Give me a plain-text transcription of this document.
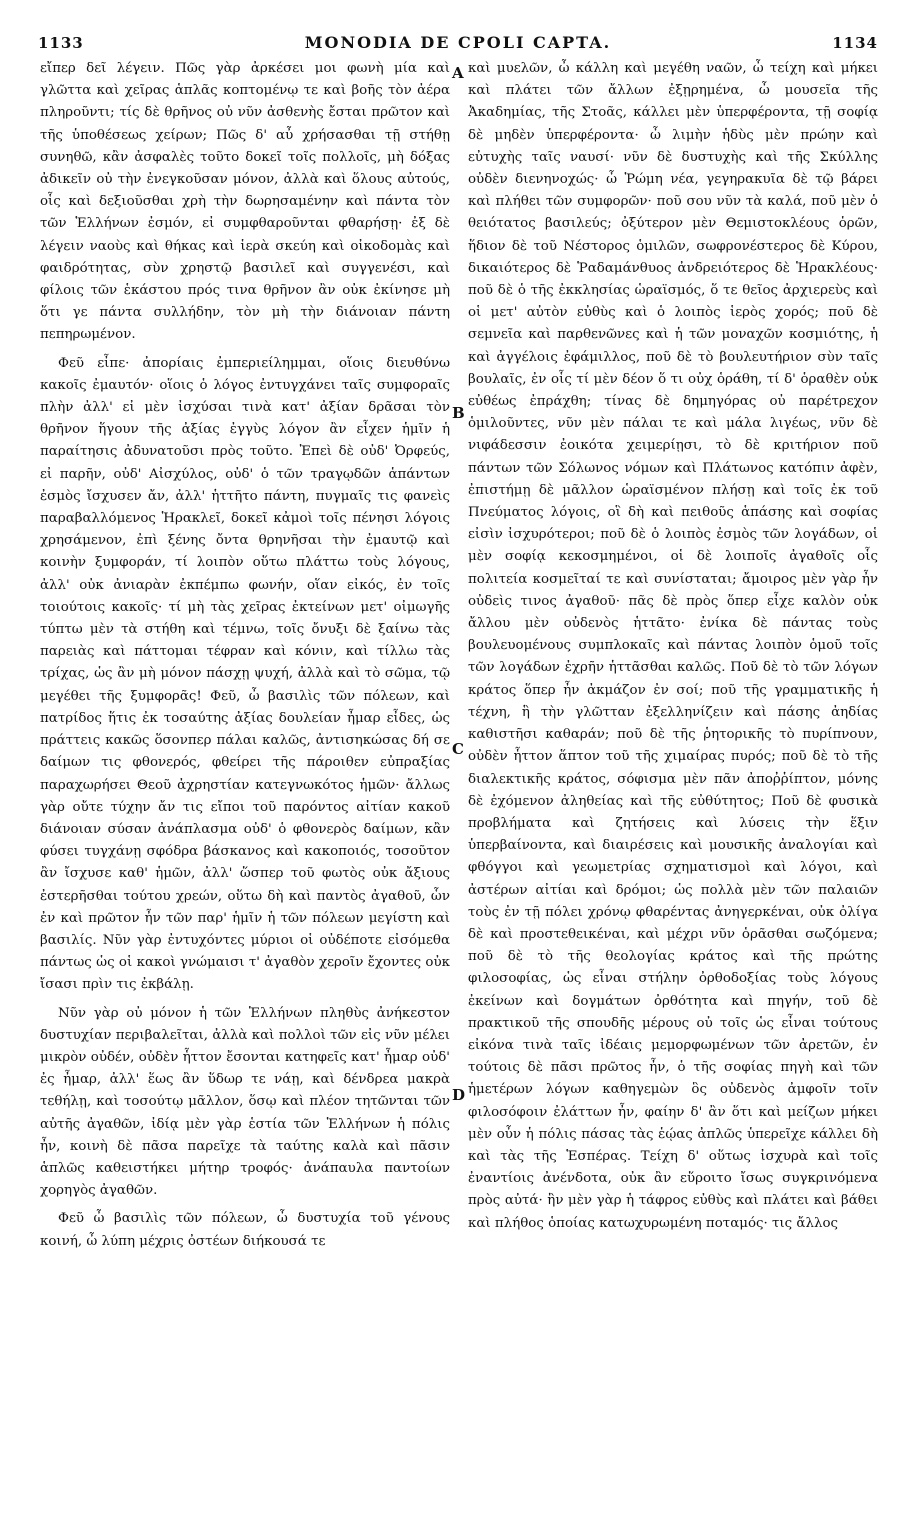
1133	MONODIA DE CPOLI CAPTA.	1134

εἴπερ δεῖ λέγειν. Πῶς γὰρ ἀρκέσει μοι φωνὴ μία καὶ γλῶττα καὶ χεῖρας ἁπλᾶς κοπτομένῳ τε καὶ βοῆς τὸν ἀέρα πληροῦντι; τίς δὲ θρῆνος οὐ νῦν ἀσθενὴς ἔσται πρῶτον καὶ τῆς ὑποθέσεως χείρων; Πῶς δ' αὖ χρήσασθαι τῇ στήθῃ συνηθῶ, κἂν ἀσφαλὲς τοῦτο δοκεῖ τοῖς πολλοῖς, μὴ δόξας ἀδικεῖν οὐ τὴν ἐνεγκοῦσαν μόνον, ἀλλὰ καὶ ὅλους αὐτούς, οἷς καὶ δεξιοῦσθαι χρὴ τὴν δωρησαμένην καὶ πάντα τὸν τῶν Ἑλλήνων ἐσμόν, εἰ συμφθαροῦνται φθαρήσῃ· ἐξ δὲ λέγειν ναοὺς καὶ θήκας καὶ ἱερὰ σκεύη καὶ οἰκοδομὰς καὶ φαιδρότητας, σὺν χρηστῷ βασιλεῖ καὶ συγγενέσι, καὶ φίλοις τῶν ἑκάστου πρός τινα θρῆνον ἂν οὐκ ἐκίνησε μὴ ὅτι γε πάντα συλλήδην, τὸν μὴ τὴν διάνοιαν πάντη πεπηρωμένον.

Φεῦ εἶπε· ἀπορίαις ἐμπεριείλημμαι, οἵοις διευθύνω κακοῖς ἐμαυτόν· οἵοις ὁ λόγος ἐντυγχάνει ταῖς συμφοραῖς πλὴν ἀλλ' εἰ μὲν ἰσχύσαι τινὰ κατ' ἀξίαν δρᾶσαι τὸν θρῆνον ἥγουν τῆς ἀξίας ἐγγὺς λόγον ἂν εἶχεν ἡμῖν ἡ παραίτησις ἀδυνατοῦσι πρὸς τοῦτο. Ἐπεὶ δὲ οὐδ' Ὀρφεύς, εἰ παρῆν, οὐδ' Αἰσχύλος, οὐδ' ὁ τῶν τραγῳδῶν ἁπάντων ἐσμὸς ἴσχυσεν ἄν, ἀλλ' ἡττῆτο πάντη, πυγμαῖς τις φανεὶς παραβαλλόμενος Ἡρακλεῖ, δοκεῖ κἀμοὶ τοῖς πένησι λόγοις χρησάμενον, ἐπὶ ξένης ὄντα θρηνῆσαι τὴν ἐμαυτῷ καὶ κοινὴν ξυμφοράν, τί λοιπὸν οὕτω πλάττω τοὺς λόγους, ἀλλ' οὐκ ἀνιαρὰν ἐκπέμπω φωνήν, οἵαν εἰκός, ἐν τοῖς τοιούτοις κακοῖς· τί μὴ τὰς χεῖρας ἐκτείνων μετ' οἰμωγῆς τύπτω μὲν τὰ στήθη καὶ τέμνω, τοῖς ὄνυξι δὲ ξαίνω τὰς παρειὰς καὶ πάττομαι τέφραν καὶ κόνιν, καὶ τίλλω τὰς τρίχας, ὡς ἂν μὴ μόνον πάσχῃ ψυχή, ἀλλὰ καὶ τὸ σῶμα, τῷ μεγέθει τῆς ξυμφορᾶς! Φεῦ, ὦ βασιλὶς τῶν πόλεων, καὶ πατρίδος ἥτις ἐκ τοσαύτης ἀξίας δουλείαν ἦμαρ εἶδες, ὡς πράττεις κακῶς ὅσονπερ πάλαι καλῶς, ἀντισηκώσας δή σε δαίμων τις φθονερός, φθείρει τῆς πάροιθεν εὐπραξίας παραχωρήσει Θεοῦ ἀχρηστίαν κατεγνωκότος ἡμῶν· ἄλλως γὰρ οὔτε τύχην ἄν τις εἴποι τοῦ παρόντος αἰτίαν κακοῦ διάνοιαν σύσαν ἀνάπλασμα οὐδ' ὁ φθονερὸς δαίμων, κἂν φύσει τυγχάνῃ σφόδρα βάσκανος καὶ κακοποιός, τοσοῦτον ἂν ἴσχυσε καθ' ἡμῶν, ἀλλ' ὥσπερ τοῦ φωτὸς οὐκ ἄξιους ἐστερῆσθαι τούτου χρεών, οὕτω δὴ καὶ παντὸς ἀγαθοῦ, ὧν ἐν καὶ πρῶτον ἦν τῶν παρ' ἡμῖν ἡ τῶν πόλεων μεγίστη καὶ βασιλίς. Νῦν γὰρ ἐντυχόντες μύριοι οἱ οὐδέποτε εἰσόμεθα πάντως ὡς οἱ κακοὶ γνώμαισι τ' ἀγαθὸν χεροῖν ἔχοντες οὐκ ἴσασι πρὶν τις ἐκβάλῃ.

Νῦν γὰρ οὐ μόνον ἡ τῶν Ἑλλήνων πληθὺς ἀνήκεστον δυστυχίαν περιβαλεῖται, ἀλλὰ καὶ πολλοὶ τῶν εἰς νῦν μέλει μικρὸν οὐδέν, οὐδὲν ἧττον ἔσονται κατηφεῖς κατ' ἦμαρ οὐδ' ἐς ἦμαρ, ἀλλ' ἕως ἂν ὕδωρ τε νάῃ, καὶ δένδρεα μακρὰ τεθήλῃ, καὶ τοσούτῳ μᾶλλον, ὅσῳ καὶ πλέον τητῶνται τῶν αὐτῆς ἀγαθῶν, ἰδίᾳ μὲν γὰρ ἑστία τῶν Ἑλλήνων ἡ πόλις ἦν, κοινὴ δὲ πᾶσα παρεῖχε τὰ ταύτης καλὰ καὶ πᾶσιν ἁπλῶς καθειστήκει μήτηρ τροφός· ἀνάπαυλα παντοίων χορηγὸς ἀγαθῶν.

Φεῦ ὦ βασιλὶς τῶν πόλεων, ὦ δυστυχία τοῦ γένους κοινή, ὦ λύπη μέχρις ὀστέων διήκουσά τε

A
B
C
D

καὶ μυελῶν, ὦ κάλλη καὶ μεγέθη ναῶν, ὦ τείχη καὶ μήκει καὶ πλάτει τῶν ἄλλων ἐξῃρημένα, ὦ μουσεῖα τῆς Ἀκαδημίας, τῆς Στοᾶς, κάλλει μὲν ὑπερφέροντα, τῇ σοφίᾳ δὲ μηδὲν ὑπερφέροντα· ὦ λιμὴν ἡδὺς μὲν πρώην καὶ εὐτυχὴς ταῖς ναυσί· νῦν δὲ δυστυχὴς καὶ τῆς Σκύλλης οὐδὲν διενηνοχώς· ὦ Ῥώμη νέα, γεγηρακυῖα δὲ τῷ βάρει καὶ πλήθει τῶν συμφορῶν· ποῦ σου νῦν τὰ καλά, ποῦ μὲν ὁ θειότατος βασιλεύς; ὀξύτερον μὲν Θεμιστοκλέους ὁρῶν, ἥδιον δὲ τοῦ Νέστορος ὁμιλῶν, σωφρονέστερος δὲ Κύρου, δικαιότερος δὲ Ῥαδαμάνθυος ἀνδρειότερος δὲ Ἡρακλέους· ποῦ δὲ ὁ τῆς ἐκκλησίας ὡραϊσμός, ὅ τε θεῖος ἀρχιερεὺς καὶ οἱ μετ' αὐτὸν εὐθὺς καὶ ὁ λοιπὸς ἱερὸς χορός; ποῦ δὲ σεμνεῖα καὶ παρθενῶνες καὶ ἡ τῶν μοναχῶν κοσμιότης, ἡ καὶ ἀγγέλοις ἐφάμιλλος, ποῦ δὲ τὸ βουλευτήριον σὺν ταῖς βουλαῖς, ἐν οἷς τί μὲν δέον ὅ τι οὐχ ὁράθη, τί δ' ὁραθὲν οὐκ εὐθέως ἐπράχθη; τίνας δὲ δημηγόρας οὐ παρέτρεχον ὁμιλοῦντες, νῦν μὲν πάλαι τε καὶ μάλα λιγέως, νῦν δὲ νιφάδεσσιν ἐοικότα χειμερίῃσι, τὸ δὲ κριτήριον ποῦ πάντων τῶν Σόλωνος νόμων καὶ Πλάτωνος κατόπιν ἀφὲν, ἐπιστήμῃ δὲ μᾶλλον ὡραϊσμένον πλήσῃ καὶ τοῖς ἐκ τοῦ Πνεύματος λόγοις, οἳ δὴ καὶ πειθοῦς ἁπάσης καὶ σοφίας εἰσὶν ἰσχυρότεροι; ποῦ δὲ ὁ λοιπὸς ἐσμὸς τῶν λογάδων, οἱ μὲν σοφίᾳ κεκοσμημένοι, οἱ δὲ λοιποῖς ἀγαθοῖς οἷς πολιτεία κοσμεῖταί τε καὶ συνίσταται; ἄμοιρος μὲν γὰρ ἦν οὐδεὶς τινος ἀγαθοῦ· πᾶς δὲ πρὸς ὅπερ εἶχε καλὸν οὐκ ἄλλου μὲν οὐδενὸς ἡττᾶτο· ἐνίκα δὲ πάντας τοὺς βουλευομένους συμπλοκαῖς καὶ πάντας λοιπὸν ὁμοῦ τοῖς τῶν λογάδων ἐχρῆν ἡττᾶσθαι καλῶς. Ποῦ δὲ τὸ τῶν λόγων κράτος ὅπερ ἦν ἀκμάζον ἐν σοί; ποῦ τῆς γραμματικῆς ἡ τέχνη, ἣ τὴν γλῶτταν ἐξελληνίζειν καὶ πάσης ἀηδίας καθιστῆσι καθαράν; ποῦ δὲ τῆς ῥητορικῆς τὸ πυρίπνουν, οὐδὲν ἧττον ἅπτον τοῦ τῆς χιμαίρας πυρός; ποῦ δὲ τὸ τῆς διαλεκτικῆς κράτος, σόφισμα μὲν πᾶν ἀποῤῥίπτον, μόνης δὲ ἐχόμενον ἀληθείας καὶ τῆς εὐθύτητος; Ποῦ δὲ φυσικὰ προβλήματα καὶ ζητήσεις καὶ λύσεις τὴν ἕξιν ὑπερβαίνοντα, καὶ διαιρέσεις καὶ μουσικῆς ἀναλογίαι καὶ φθόγγοι καὶ γεωμετρίας σχηματισμοὶ καὶ λόγοι, καὶ ἀστέρων αἰτίαι καὶ δρόμοι; ὡς πολλὰ μὲν τῶν παλαιῶν τοὺς ἐν τῇ πόλει χρόνῳ φθαρέντας ἀνηγερκέναι, οὐκ ὀλίγα δὲ καὶ προστεθεικέναι, καὶ μέχρι νῦν ὁρᾶσθαι σωζόμενα; ποῦ δὲ τὸ τῆς θεολογίας κράτος καὶ τῆς πρώτης φιλοσοφίας, ὡς εἶναι στήλην ὀρθοδοξίας τοὺς λόγους ἐκείνων καὶ δογμάτων ὀρθότητα καὶ πηγήν, τοῦ δὲ πρακτικοῦ τῆς σπουδῆς μέρους οὐ τοῖς ὡς εἶναι τούτους εἰκόνα τινὰ ταῖς ἰδέαις μεμορφωμένων τῶν ἀρετῶν, ἐν τούτοις δὲ πᾶσι πρῶτος ἦν, ὁ τῆς σοφίας πηγὴ καὶ τῶν ἡμετέρων λόγων καθηγεμὼν ὃς οὐδενὸς ἀμφοῖν τοῖν φιλοσόφοιν ἐλάττων ἦν, φαίην δ' ἂν ὅτι καὶ μείζων μήκει μὲν οὖν ἡ πόλις πάσας τὰς ἑῴας ἀπλῶς ὑπερεῖχε κάλλει δὴ καὶ τὰς τῆς Ἑσπέρας. Τείχη δ' οὕτως ἰσχυρὰ καὶ τοῖς ἐναντίοις ἀνένδοτα, οὐκ ἂν εὕροιτο ἴσως συγκρινόμενα πρὸς αὐτά· ἣν μὲν γὰρ ἡ τάφρος εὐθὺς καὶ πλάτει καὶ βάθει καὶ πλήθος ὁποίας κατωχυρωμένη ποταμός· τις ἄλλος
